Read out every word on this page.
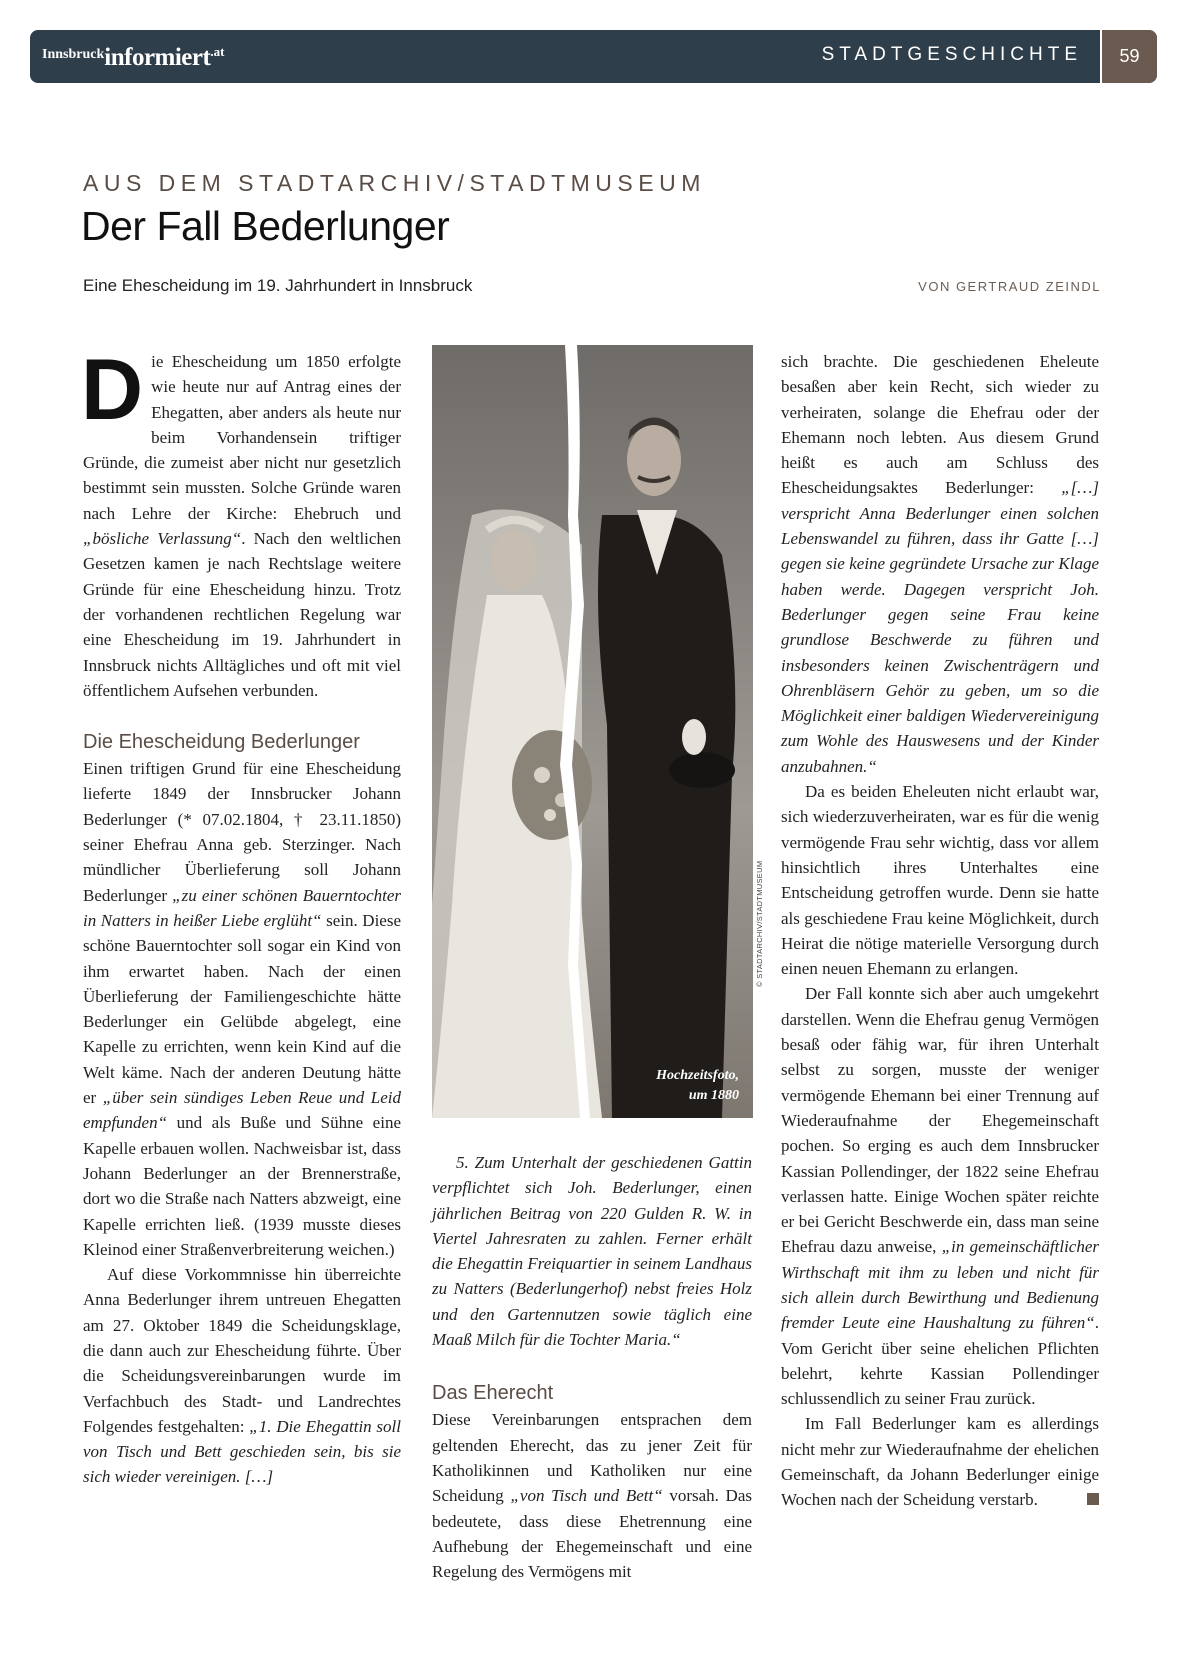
Innsbruckinformiert$^{.at}$	STADTGESCHICHTE	59
AUS DEM STADTARCHIV/STADTMUSEUM
Der Fall Bederlunger
Eine Ehescheidung im 19. Jahrhundert in Innsbruck	VON GERTRAUD ZEINDL

Die Ehescheidung um 1850 erfolgte wie heute nur auf Antrag eines der Ehegatten, aber anders als heute nur beim Vorhandensein triftiger Gründe, die zumeist aber nicht nur gesetzlich bestimmt sein mussten. Solche Gründe waren nach Lehre der Kirche: Ehebruch und „bösliche Verlassung“. Nach den weltlichen Gesetzen kamen je nach Rechtslage weitere Gründe für eine Ehescheidung hinzu. Trotz der vorhandenen rechtlichen Regelung war eine Ehescheidung im 19. Jahrhundert in Innsbruck nichts Alltägliches und oft mit viel öffentlichem Aufsehen verbunden.

Die Ehescheidung Bederlunger

Einen triftigen Grund für eine Ehescheidung lieferte 1849 der Innsbrucker Johann Bederlunger (* 07.02.1804, † 23.11.1850) seiner Ehefrau Anna geb. Sterzinger. Nach mündlicher Überlieferung soll Johann Bederlunger „zu einer schönen Bauerntochter in Natters in heißer Liebe erglüht“ sein. Diese schöne Bauerntochter soll sogar ein Kind von ihm erwartet haben. Nach der einen Überlieferung der Familiengeschichte hätte Bederlunger ein Gelübde abgelegt, eine Kapelle zu errichten, wenn kein Kind auf die Welt käme. Nach der anderen Deutung hätte er „über sein sündiges Leben Reue und Leid empfunden“ und als Buße und Sühne eine Kapelle erbauen wollen. Nachweisbar ist, dass Johann Bederlunger an der Brennerstraße, dort wo die Straße nach Natters abzweigt, eine Kapelle errichten ließ. (1939 musste dieses Kleinod einer Straßenverbreiterung weichen.)

Auf diese Vorkommnisse hin überreichte Anna Bederlunger ihrem untreuen Ehegatten am 27. Oktober 1849 die Scheidungsklage, die dann auch zur Ehescheidung führte. Über die Scheidungsvereinbarungen wurde im Verfachbuch des Stadt- und Landrechtes Folgendes festgehalten: „1. Die Ehegattin soll von Tisch und Bett geschieden sein, bis sie sich wieder vereinigen. […]

Hochzeitsfoto,
um 1880
© STADTARCHIV/STADTMUSEUM

5. Zum Unterhalt der geschiedenen Gattin verpflichtet sich Joh. Bederlunger, einen jährlichen Beitrag von 220 Gulden R. W. in Viertel Jahresraten zu zahlen. Ferner erhält die Ehegattin Freiquartier in seinem Landhaus zu Natters (Bederlungerhof) nebst freies Holz und den Gartennutzen sowie täglich eine Maaß Milch für die Tochter Maria.“

Das Eherecht

Diese Vereinbarungen entsprachen dem geltenden Eherecht, das zu jener Zeit für Katholikinnen und Katholiken nur eine Scheidung „von Tisch und Bett“ vorsah. Das bedeutete, dass diese Ehetrennung eine Aufhebung der Ehegemeinschaft und eine Regelung des Vermögens mit

sich brachte. Die geschiedenen Eheleute besaßen aber kein Recht, sich wieder zu verheiraten, solange die Ehefrau oder der Ehemann noch lebten. Aus diesem Grund heißt es auch am Schluss des Ehescheidungsaktes Bederlunger: „[…] verspricht Anna Bederlunger einen solchen Lebenswandel zu führen, dass ihr Gatte […] gegen sie keine gegründete Ursache zur Klage haben werde. Dagegen verspricht Joh. Bederlunger gegen seine Frau keine grundlose Beschwerde zu führen und insbesonders keinen Zwischenträgern und Ohrenbläsern Gehör zu geben, um so die Möglichkeit einer baldigen Wiedervereinigung zum Wohle des Hauswesens und der Kinder anzubahnen.“

Da es beiden Eheleuten nicht erlaubt war, sich wiederzuverheiraten, war es für die wenig vermögende Frau sehr wichtig, dass vor allem hinsichtlich ihres Unterhaltes eine Entscheidung getroffen wurde. Denn sie hatte als geschiedene Frau keine Möglichkeit, durch Heirat die nötige materielle Versorgung durch einen neuen Ehemann zu erlangen.

Der Fall konnte sich aber auch umgekehrt darstellen. Wenn die Ehefrau genug Vermögen besaß oder fähig war, für ihren Unterhalt selbst zu sorgen, musste der weniger vermögende Ehemann bei einer Trennung auf Wiederaufnahme der Ehegemeinschaft pochen. So erging es auch dem Innsbrucker Kassian Pollendinger, der 1822 seine Ehefrau verlassen hatte. Einige Wochen später reichte er bei Gericht Beschwerde ein, dass man seine Ehefrau dazu anweise, „in gemeinschäftlicher Wirthschaft mit ihm zu leben und nicht für sich allein durch Bewirthung und Bedienung fremder Leute eine Haushaltung zu führen“. Vom Gericht über seine ehelichen Pflichten belehrt, kehrte Kassian Pollendinger schlussendlich zu seiner Frau zurück.

Im Fall Bederlunger kam es allerdings nicht mehr zur Wiederaufnahme der ehelichen Gemeinschaft, da Johann Bederlunger einige Wochen nach der Scheidung verstarb.
